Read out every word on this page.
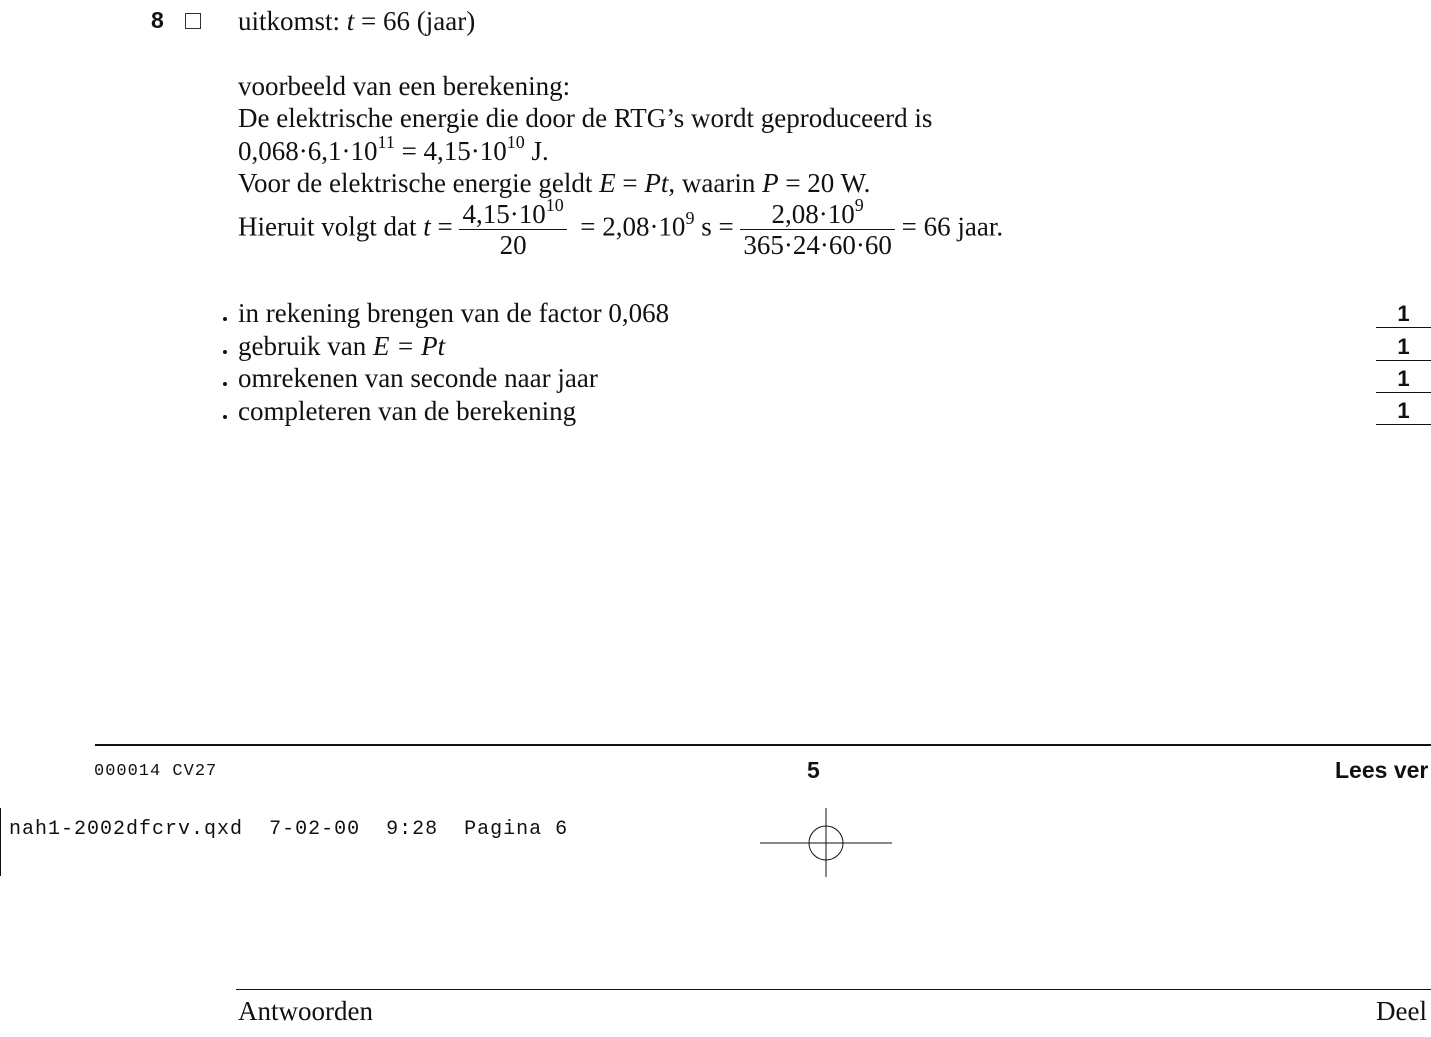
8	uitkomst: t = 66 (jaar)
voorbeeld van een berekening:
De elektrische energie die door de RTG’s wordt geproduceerd is
$0,068\cdot 6,1\cdot 10^{11} = 4,15\cdot 10^{10}$ J.
Voor de elektrische energie geldt E = Pt, waarin P = 20 W.
Hieruit volgt dat $t = \frac{4,15\cdot 10^{10}}{20} = 2,08\cdot 10^9$ $s = \frac{2,08\cdot 10^9}{365\cdot 24\cdot 60\cdot 60} = 66$ jaar.
in rekening brengen van de factor 0,068	1
gebruik van E = Pt	1
omrekenen van seconde naar jaar	1
completeren van de berekening	1
000014 CV27	5	Lees ver
nah1-2002dfcrv.qxd 7-02-00 9:28 Pagina 6
Antwoorden	Deel
